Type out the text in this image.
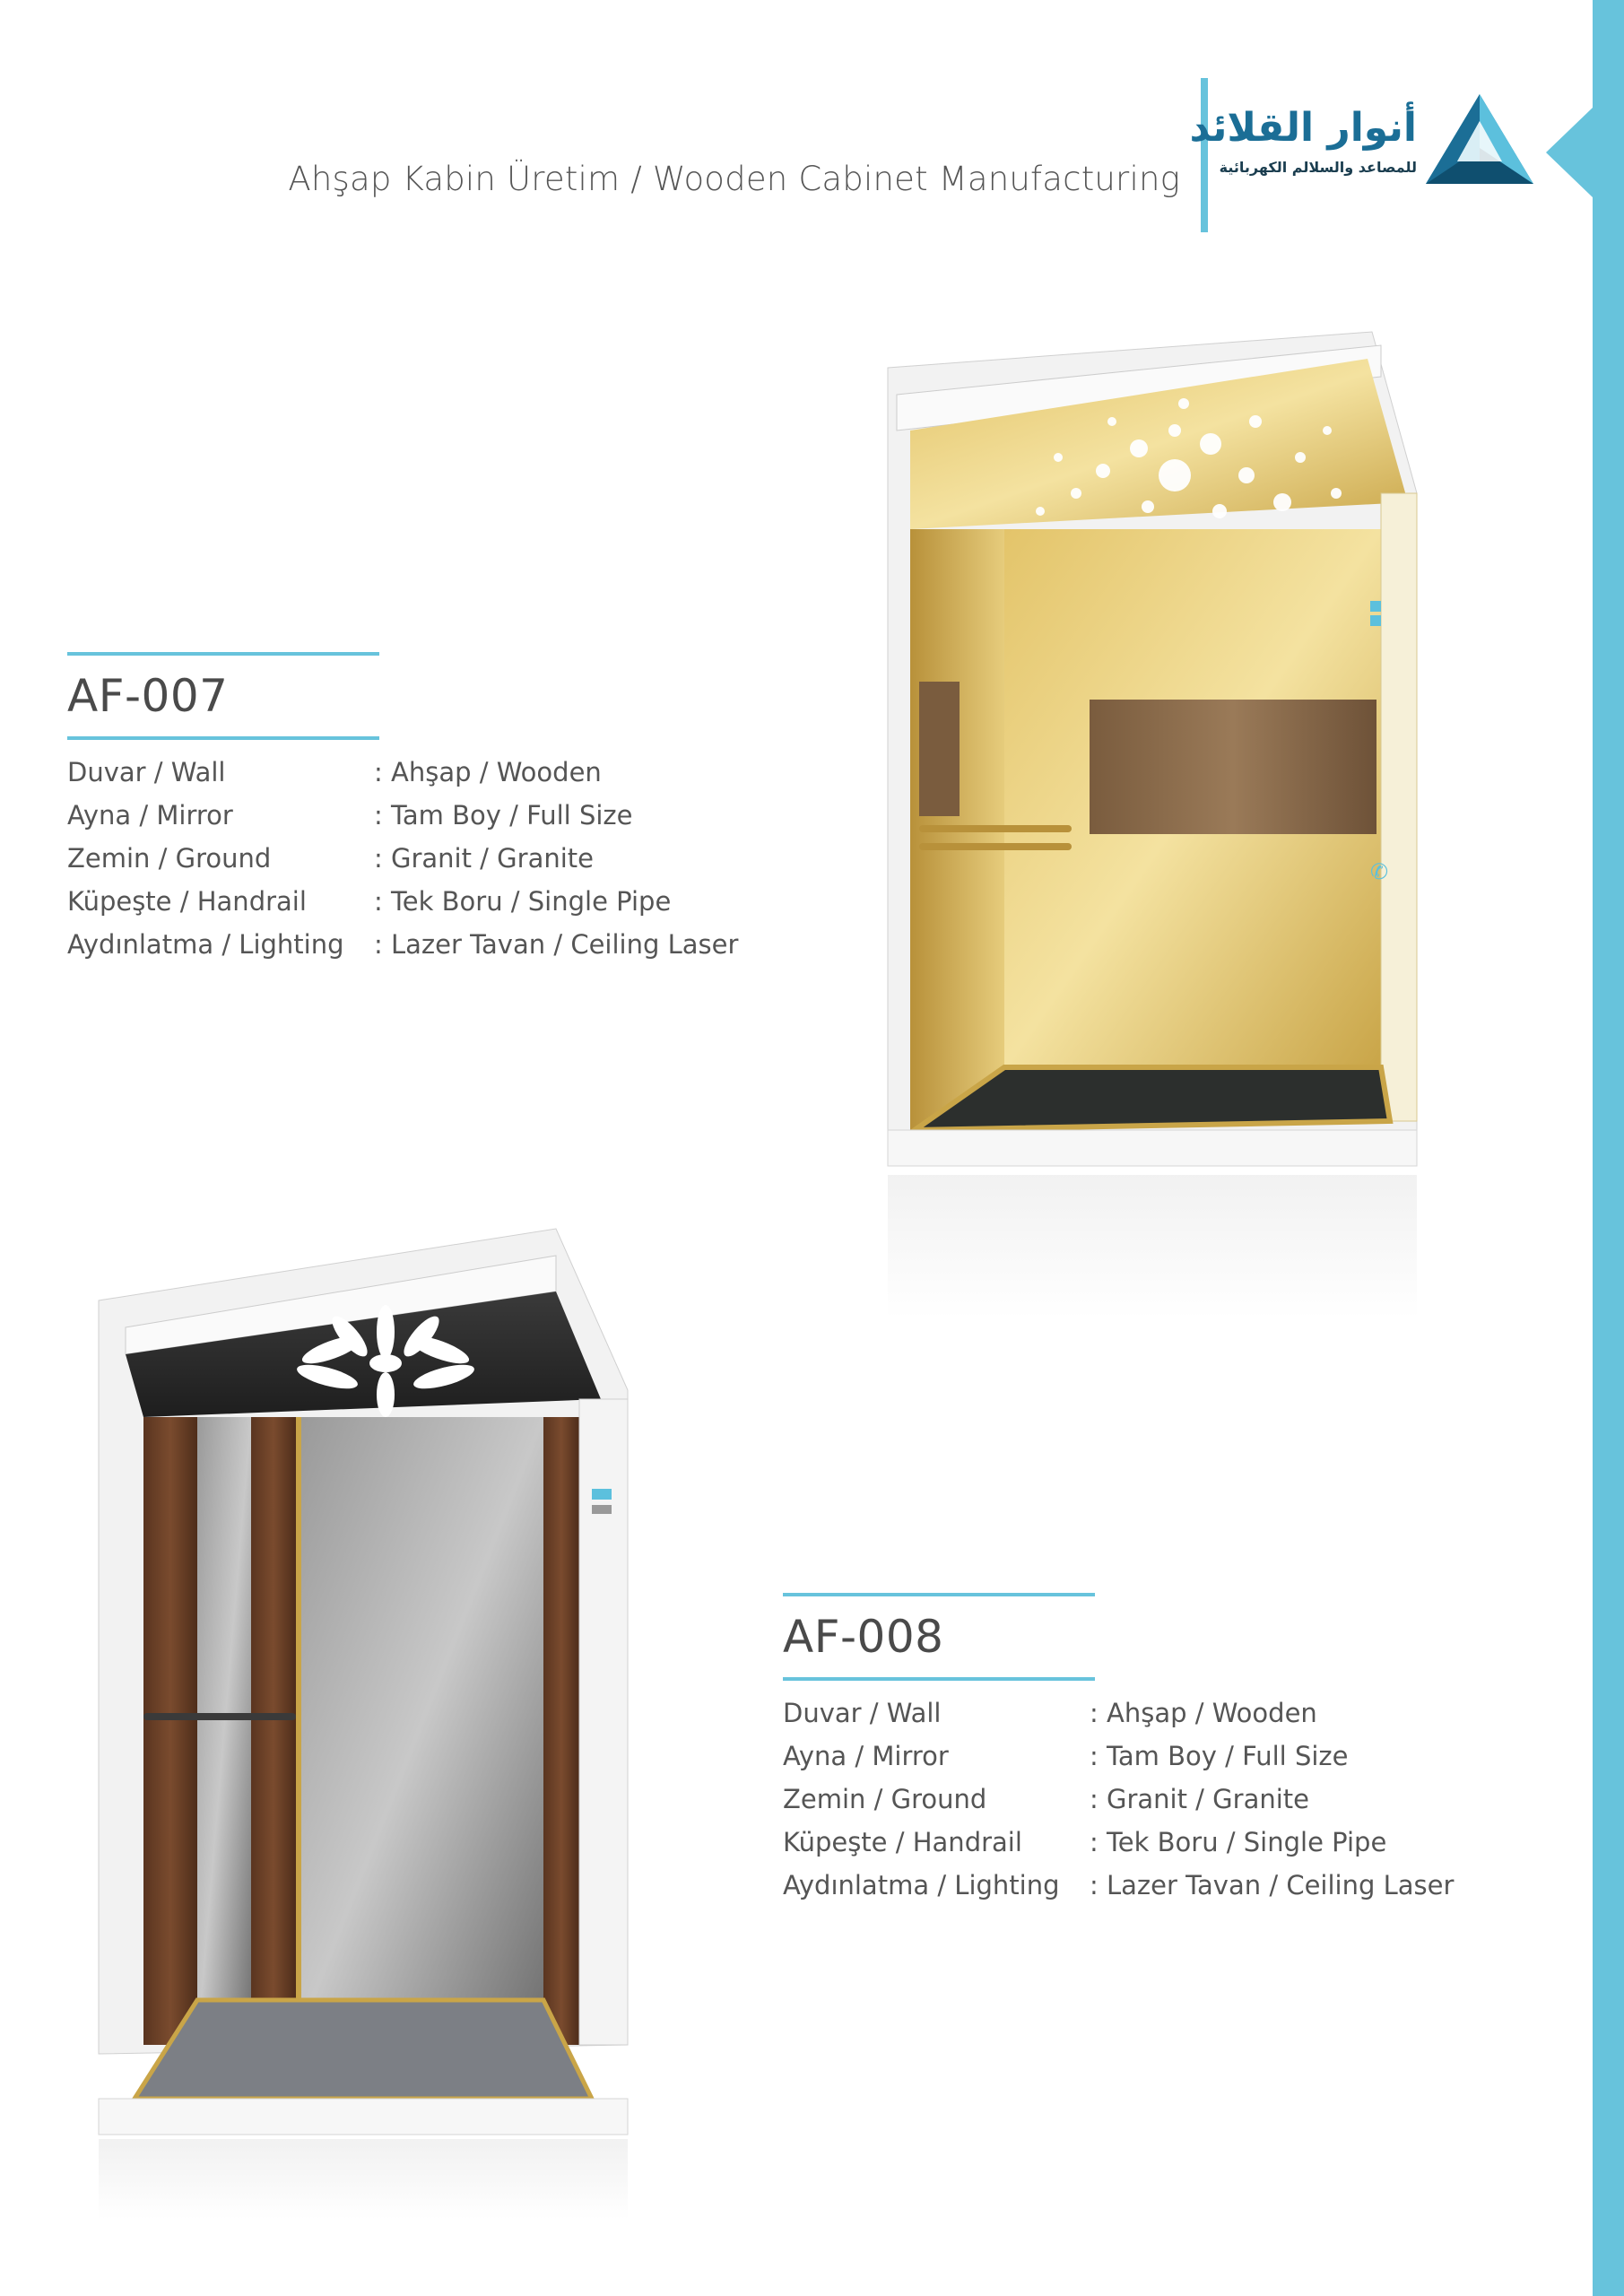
Ahşap Kabin Üretim / Wooden Cabinet Manufacturing
أنوار القلائد
للمصاعد والسلالم الكهربائية
AF-007
Duvar / Wall	: Ahşap / Wooden
Ayna / Mirror	: Tam Boy / Full Size
Zemin / Ground	: Granit / Granite
Küpeşte / Handrail	: Tek Boru / Single Pipe
Aydınlatma / Lighting	: Lazer Tavan / Ceiling Laser
AF-008
Duvar / Wall	: Ahşap / Wooden
Ayna / Mirror	: Tam Boy / Full Size
Zemin / Ground	: Granit / Granite
Küpeşte / Handrail	: Tek Boru / Single Pipe
Aydınlatma / Lighting	: Lazer Tavan / Ceiling Laser
✆
